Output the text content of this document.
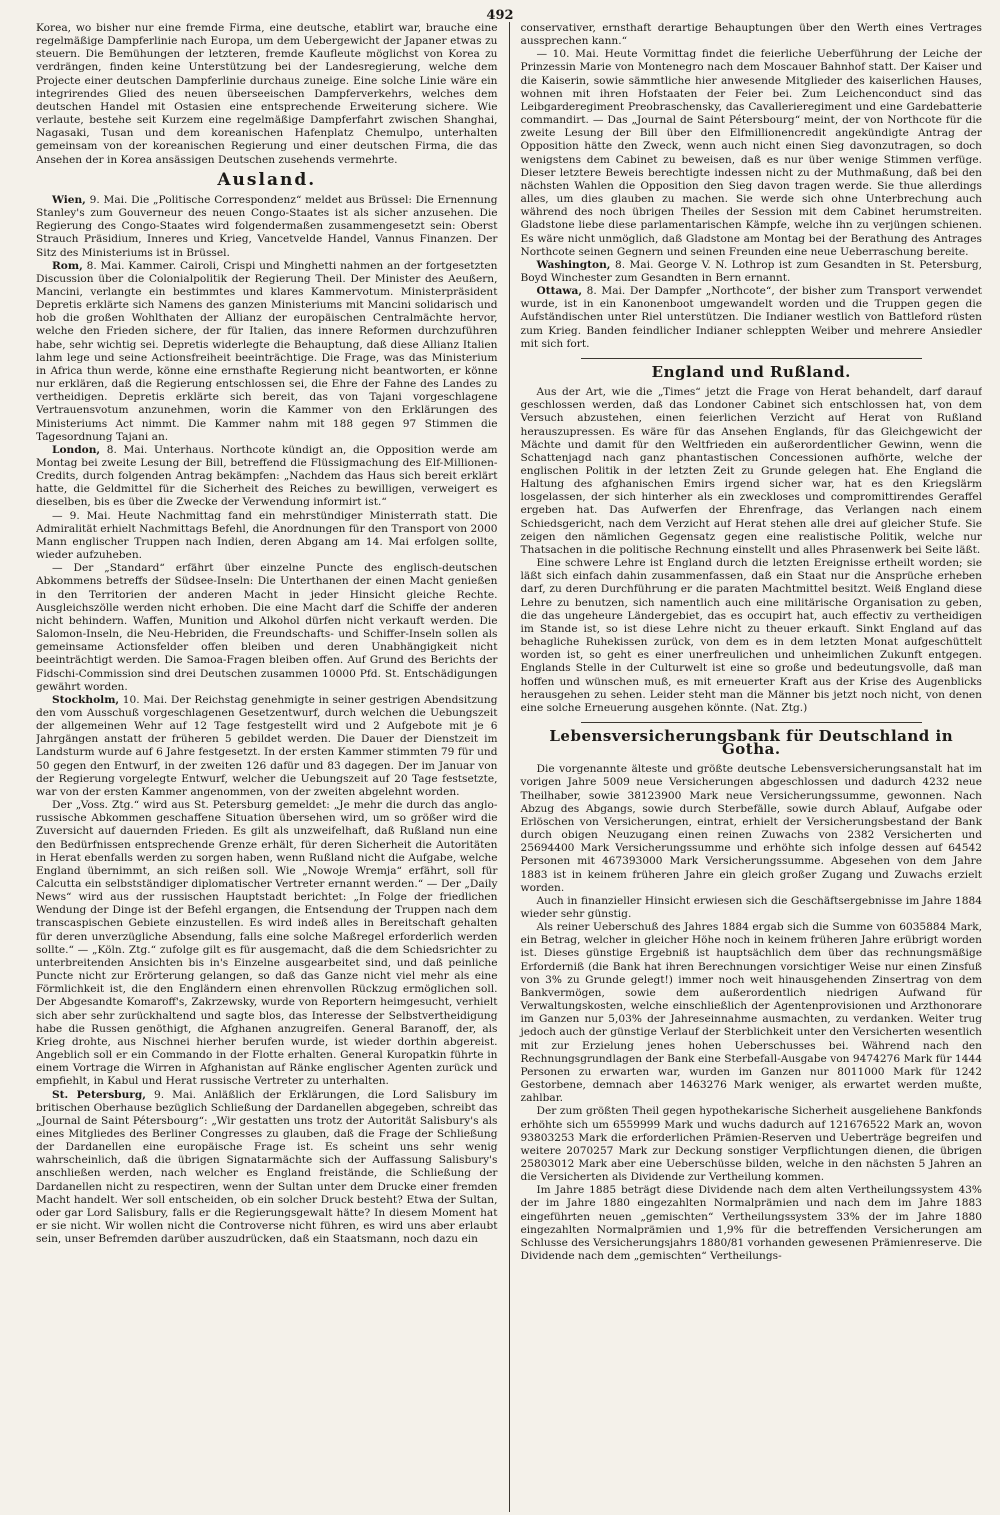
492

Korea, wo bisher nur eine fremde Firma, eine deutsche, etablirt war, brauche eine regelmäßige Dampferlinie nach Europa, um dem Uebergewicht der Japaner etwas zu steuern. Die Bemühungen der letzteren, fremde Kaufleute möglichst von Korea zu verdrängen, finden keine Unterstützung bei der Landesregierung, welche dem Projecte einer deutschen Dampferlinie durchaus zuneige. Eine solche Linie wäre ein integrirendes Glied des neuen überseeischen Dampferverkehrs, welches dem deutschen Handel mit Ostasien eine entsprechende Erweiterung sichere. Wie verlaute, bestehe seit Kurzem eine regelmäßige Dampferfahrt zwischen Shanghai, Nagasaki, Tusan und dem koreanischen Hafenplatz Chemulpo, unterhalten gemeinsam von der koreanischen Regierung und einer deutschen Firma, die das Ansehen der in Korea ansässigen Deutschen zusehends vermehrte.

Ausland.

Wien, 9. Mai. Die „Politische Correspondenz“ meldet aus Brüssel: Die Ernennung Stanley's zum Gouverneur des neuen Congo-Staates ist als sicher anzusehen. Die Regierung des Congo-Staates wird folgendermaßen zusammengesetzt sein: Oberst Strauch Präsidium, Inneres und Krieg, Vancetvelde Handel, Vannus Finanzen. Der Sitz des Ministeriums ist in Brüssel.

Rom, 8. Mai. Kammer. Cairoli, Crispi und Minghetti nahmen an der fortgesetzten Discussion über die Colonialpolitik der Regierung Theil. Der Minister des Aeußern, Mancini, verlangte ein bestimmtes und klares Kammervotum. Ministerpräsident Depretis erklärte sich Namens des ganzen Ministeriums mit Mancini solidarisch und hob die großen Wohlthaten der Allianz der europäischen Centralmächte hervor, welche den Frieden sichere, der für Italien, das innere Reformen durchzuführen habe, sehr wichtig sei. Depretis widerlegte die Behauptung, daß diese Allianz Italien lahm lege und seine Actionsfreiheit beeinträchtige. Die Frage, was das Ministerium in Africa thun werde, könne eine ernsthafte Regierung nicht beantworten, er könne nur erklären, daß die Regierung entschlossen sei, die Ehre der Fahne des Landes zu vertheidigen. Depretis erklärte sich bereit, das von Tajani vorgeschlagene Vertrauensvotum anzunehmen, worin die Kammer von den Erklärungen des Ministeriums Act nimmt. Die Kammer nahm mit 188 gegen 97 Stimmen die Tagesordnung Tajani an.

London, 8. Mai. Unterhaus. Northcote kündigt an, die Opposition werde am Montag bei zweite Lesung der Bill, betreffend die Flüssigmachung des Elf-Millionen-Credits, durch folgenden Antrag bekämpfen: „Nachdem das Haus sich bereit erklärt hatte, die Geldmittel für die Sicherheit des Reiches zu bewilligen, verweigert es dieselben, bis es über die Zwecke der Verwendung informirt ist.“

— 9. Mai. Heute Nachmittag fand ein mehrstündiger Ministerrath statt. Die Admiralität erhielt Nachmittags Befehl, die Anordnungen für den Transport von 2000 Mann englischer Truppen nach Indien, deren Abgang am 14. Mai erfolgen sollte, wieder aufzuheben.

— Der „Standard“ erfährt über einzelne Puncte des englisch-deutschen Abkommens betreffs der Südsee-Inseln: Die Unterthanen der einen Macht genießen in den Territorien der anderen Macht in jeder Hinsicht gleiche Rechte. Ausgleichszölle werden nicht erhoben. Die eine Macht darf die Schiffe der anderen nicht behindern. Waffen, Munition und Alkohol dürfen nicht verkauft werden. Die Salomon-Inseln, die Neu-Hebriden, die Freundschafts- und Schiffer-Inseln sollen als gemeinsame Actionsfelder offen bleiben und deren Unabhängigkeit nicht beeinträchtigt werden. Die Samoa-Fragen bleiben offen. Auf Grund des Berichts der Fidschi-Commission sind drei Deutschen zusammen 10000 Pfd. St. Entschädigungen gewährt worden.

Stockholm, 10. Mai. Der Reichstag genehmigte in seiner gestrigen Abendsitzung den vom Ausschuß vorgeschlagenen Gesetzentwurf, durch welchen die Uebungszeit der allgemeinen Wehr auf 12 Tage festgestellt wird und 2 Aufgebote mit je 6 Jahrgängen anstatt der früheren 5 gebildet werden. Die Dauer der Dienstzeit im Landsturm wurde auf 6 Jahre festgesetzt. In der ersten Kammer stimmten 79 für und 50 gegen den Entwurf, in der zweiten 126 dafür und 83 dagegen. Der im Januar von der Regierung vorgelegte Entwurf, welcher die Uebungszeit auf 20 Tage festsetzte, war von der ersten Kammer angenommen, von der zweiten abgelehnt worden.

Der „Voss. Ztg.“ wird aus St. Petersburg gemeldet: „Je mehr die durch das anglo-russische Abkommen geschaffene Situation übersehen wird, um so größer wird die Zuversicht auf dauernden Frieden. Es gilt als unzweifelhaft, daß Rußland nun eine den Bedürfnissen entsprechende Grenze erhält, für deren Sicherheit die Autoritäten in Herat ebenfalls werden zu sorgen haben, wenn Rußland nicht die Aufgabe, welche England übernimmt, an sich reißen soll. Wie „Nowoje Wremja“ erfährt, soll für Calcutta ein selbstständiger diplomatischer Vertreter ernannt werden.“ — Der „Daily News“ wird aus der russischen Hauptstadt berichtet: „In Folge der friedlichen Wendung der Dinge ist der Befehl ergangen, die Entsendung der Truppen nach dem transcaspischen Gebiete einzustellen. Es wird indeß alles in Bereitschaft gehalten für deren unverzügliche Absendung, falls eine solche Maßregel erforderlich werden sollte.“ — „Köln. Ztg.“ zufolge gilt es für ausgemacht, daß die dem Schiedsrichter zu unterbreitenden Ansichten bis in's Einzelne ausgearbeitet sind, und daß peinliche Puncte nicht zur Erörterung gelangen, so daß das Ganze nicht viel mehr als eine Förmlichkeit ist, die den Engländern einen ehrenvollen Rückzug ermöglichen soll. Der Abgesandte Komaroff's, Zakrzewsky, wurde von Reportern heimgesucht, verhielt sich aber sehr zurückhaltend und sagte blos, das Interesse der Selbstvertheidigung habe die Russen genöthigt, die Afghanen anzugreifen. General Baranoff, der, als Krieg drohte, aus Nischnei hierher berufen wurde, ist wieder dorthin abgereist. Angeblich soll er ein Commando in der Flotte erhalten. General Kuropatkin führte in einem Vortrage die Wirren in Afghanistan auf Ränke englischer Agenten zurück und empfiehlt, in Kabul und Herat russische Vertreter zu unterhalten.

St. Petersburg, 9. Mai. Anläßlich der Erklärungen, die Lord Salisbury im britischen Oberhause bezüglich Schließung der Dardanellen abgegeben, schreibt das „Journal de Saint Pétersbourg“: „Wir gestatten uns trotz der Autorität Salisbury's als eines Mitgliedes des Berliner Congresses zu glauben, daß die Frage der Schließung der Dardanellen eine europäische Frage ist. Es scheint uns sehr wenig wahrscheinlich, daß die übrigen Signatarmächte sich der Auffassung Salisbury's anschließen werden, nach welcher es England freistände, die Schließung der Dardanellen nicht zu respectiren, wenn der Sultan unter dem Drucke einer fremden Macht handelt. Wer soll entscheiden, ob ein solcher Druck besteht? Etwa der Sultan, oder gar Lord Salisbury, falls er die Regierungsgewalt hätte? In diesem Moment hat er sie nicht. Wir wollen nicht die Controverse nicht führen, es wird uns aber erlaubt sein, unser Befremden darüber auszudrücken, daß ein Staatsmann, noch dazu ein

conservativer, ernsthaft derartige Behauptungen über den Werth eines Vertrages aussprechen kann.“

— 10. Mai. Heute Vormittag findet die feierliche Ueberführung der Leiche der Prinzessin Marie von Montenegro nach dem Moscauer Bahnhof statt. Der Kaiser und die Kaiserin, sowie sämmtliche hier anwesende Mitglieder des kaiserlichen Hauses, wohnen mit ihren Hofstaaten der Feier bei. Zum Leichenconduct sind das Leibgarderegiment Preobraschensky, das Cavallerieregiment und eine Gardebatterie commandirt. — Das „Journal de Saint Pétersbourg“ meint, der von Northcote für die zweite Lesung der Bill über den Elfmillionencredit angekündigte Antrag der Opposition hätte den Zweck, wenn auch nicht einen Sieg davonzutragen, so doch wenigstens dem Cabinet zu beweisen, daß es nur über wenige Stimmen verfüge. Dieser letztere Beweis berechtigte indessen nicht zu der Muthmaßung, daß bei den nächsten Wahlen die Opposition den Sieg davon tragen werde. Sie thue allerdings alles, um dies glauben zu machen. Sie werde sich ohne Unterbrechung auch während des noch übrigen Theiles der Session mit dem Cabinet herumstreiten. Gladstone liebe diese parlamentarischen Kämpfe, welche ihn zu verjüngen schienen. Es wäre nicht unmöglich, daß Gladstone am Montag bei der Berathung des Antrages Northcote seinen Gegnern und seinen Freunden eine neue Ueberraschung bereite.

Washington, 8. Mai. George V. N. Lothrop ist zum Gesandten in St. Petersburg, Boyd Winchester zum Gesandten in Bern ernannt.

Ottawa, 8. Mai. Der Dampfer „Northcote“, der bisher zum Transport verwendet wurde, ist in ein Kanonenboot umgewandelt worden und die Truppen gegen die Aufständischen unter Riel unterstützen. Die Indianer westlich von Battleford rüsten zum Krieg. Banden feindlicher Indianer schleppten Weiber und mehrere Ansiedler mit sich fort.

England und Rußland.

Aus der Art, wie die „Times“ jetzt die Frage von Herat behandelt, darf darauf geschlossen werden, daß das Londoner Cabinet sich entschlossen hat, von dem Versuch abzustehen, einen feierlichen Verzicht auf Herat von Rußland herauszupressen. Es wäre für das Ansehen Englands, für das Gleichgewicht der Mächte und damit für den Weltfrieden ein außerordentlicher Gewinn, wenn die Schattenjagd nach ganz phantastischen Concessionen aufhörte, welche der englischen Politik in der letzten Zeit zu Grunde gelegen hat. Ehe England die Haltung des afghanischen Emirs irgend sicher war, hat es den Kriegslärm losgelassen, der sich hinterher als ein zweckloses und compromittirendes Geraffel ergeben hat. Das Aufwerfen der Ehrenfrage, das Verlangen nach einem Schiedsgericht, nach dem Verzicht auf Herat stehen alle drei auf gleicher Stufe. Sie zeigen den nämlichen Gegensatz gegen eine realistische Politik, welche nur Thatsachen in die politische Rechnung einstellt und alles Phrasenwerk bei Seite läßt.

Eine schwere Lehre ist England durch die letzten Ereignisse ertheilt worden; sie läßt sich einfach dahin zusammenfassen, daß ein Staat nur die Ansprüche erheben darf, zu deren Durchführung er die paraten Machtmittel besitzt. Weiß England diese Lehre zu benutzen, sich namentlich auch eine militärische Organisation zu geben, die das ungeheure Ländergebiet, das es occupirt hat, auch effectiv zu vertheidigen im Stande ist, so ist diese Lehre nicht zu theuer erkauft. Sinkt England auf das behagliche Ruhekissen zurück, von dem es in dem letzten Monat aufgeschüttelt worden ist, so geht es einer unerfreulichen und unheimlichen Zukunft entgegen. Englands Stelle in der Culturwelt ist eine so große und bedeutungsvolle, daß man hoffen und wünschen muß, es mit erneuerter Kraft aus der Krise des Augenblicks herausgehen zu sehen. Leider steht man die Männer bis jetzt noch nicht, von denen eine solche Erneuerung ausgehen könnte. (Nat. Ztg.)

Lebensversicherungsbank für Deutschland in Gotha.

Die vorgenannte älteste und größte deutsche Lebensversicherungsanstalt hat im vorigen Jahre 5009 neue Versicherungen abgeschlossen und dadurch 4232 neue Theilhaber, sowie 38123900 Mark neue Versicherungssumme, gewonnen. Nach Abzug des Abgangs, sowie durch Sterbefälle, sowie durch Ablauf, Aufgabe oder Erlöschen von Versicherungen, eintrat, erhielt der Versicherungsbestand der Bank durch obigen Neuzugang einen reinen Zuwachs von 2382 Versicherten und 25694400 Mark Versicherungssumme und erhöhte sich infolge dessen auf 64542 Personen mit 467393000 Mark Versicherungssumme. Abgesehen von dem Jahre 1883 ist in keinem früheren Jahre ein gleich großer Zugang und Zuwachs erzielt worden.

Auch in finanzieller Hinsicht erwiesen sich die Geschäftsergebnisse im Jahre 1884 wieder sehr günstig.

Als reiner Ueberschuß des Jahres 1884 ergab sich die Summe von 6035884 Mark, ein Betrag, welcher in gleicher Höhe noch in keinem früheren Jahre erübrigt worden ist. Dieses günstige Ergebniß ist hauptsächlich dem über das rechnungsmäßige Erforderniß (die Bank hat ihren Berechnungen vorsichtiger Weise nur einen Zinsfuß von 3% zu Grunde gelegt!) immer noch weit hinausgehenden Zinsertrag von dem Bankvermögen, sowie dem außerordentlich niedrigen Aufwand für Verwaltungskosten, welche einschließlich der Agentenprovisionen und Arzthonorare im Ganzen nur 5,03% der Jahreseinnahme ausmachten, zu verdanken. Weiter trug jedoch auch der günstige Verlauf der Sterblichkeit unter den Versicherten wesentlich mit zur Erzielung jenes hohen Ueberschusses bei. Während nach den Rechnungsgrundlagen der Bank eine Sterbefall-Ausgabe von 9474276 Mark für 1444 Personen zu erwarten war, wurden im Ganzen nur 8011000 Mark für 1242 Gestorbene, demnach aber 1463276 Mark weniger, als erwartet werden mußte, zahlbar.

Der zum größten Theil gegen hypothekarische Sicherheit ausgeliehene Bankfonds erhöhte sich um 6559999 Mark und wuchs dadurch auf 121676522 Mark an, wovon 93803253 Mark die erforderlichen Prämien-Reserven und Ueberträge begreifen und weitere 2070257 Mark zur Deckung sonstiger Verpflichtungen dienen, die übrigen 25803012 Mark aber eine Ueberschüsse bilden, welche in den nächsten 5 Jahren an die Versicherten als Dividende zur Vertheilung kommen.

Im Jahre 1885 beträgt diese Dividende nach dem alten Vertheilungssystem 43% der im Jahre 1880 eingezahlten Normalprämien und nach dem im Jahre 1883 eingeführten neuen „gemischten“ Vertheilungssystem 33% der im Jahre 1880 eingezahlten Normalprämien und 1,9% für die betreffenden Versicherungen am Schlusse des Versicherungsjahrs 1880/81 vorhanden gewesenen Prämienreserve. Die Dividende nach dem „gemischten“ Vertheilungs-
